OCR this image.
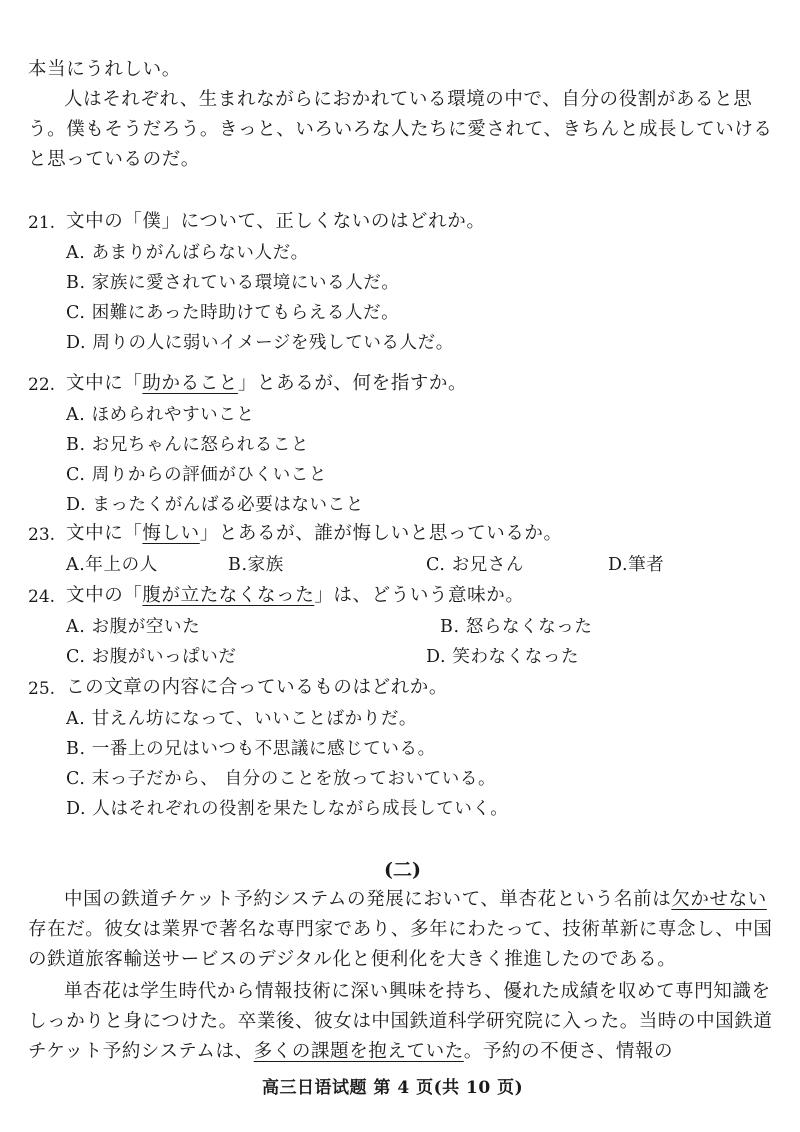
本当にうれしい。
人はそれぞれ、生まれながらにおかれている環境の中で、自分の役割があると思
う。僕もそうだろう。きっと、いろいろな人たちに愛されて、きちんと成長していける
と思っているのだ。
21. 文中の「僕」について、正しくないのはどれか。
A. あまりがんばらない人だ。
B. 家族に愛されている環境にいる人だ。
C. 困難にあった時助けてもらえる人だ。
D. 周りの人に弱いイメージを残している人だ。
22. 文中に「助かること」とあるが、何を指すか。
A. ほめられやすいこと
B. お兄ちゃんに怒られること
C. 周りからの評価がひくいこと
D. まったくがんばる必要はないこと
23. 文中に「悔しい」とあるが、誰が悔しいと思っているか。
A.年上の人	B.家族	C. お兄さん	D.筆者
24. 文中の「腹が立たなくなった」は、どういう意味か。
A. お腹が空いた	B. 怒らなくなった
C. お腹がいっぱいだ	D. 笑わなくなった
25. この文章の内容に合っているものはどれか。
A. 甘えん坊になって、いいことばかりだ。
B. 一番上の兄はいつも不思議に感じている。
C. 末っ子だから、 自分のことを放っておいている。
D. 人はそれぞれの役割を果たしながら成長していく。
(二)
中国の鉄道チケット予約システムの発展において、単杏花という名前は欠かせない
存在だ。彼女は業界で著名な専門家であり、多年にわたって、技術革新に専念し、中国
の鉄道旅客輸送サービスのデジタル化と便利化を大きく推進したのである。
単杏花は学生時代から情報技術に深い興味を持ち、優れた成績を収めて専門知識を
しっかりと身につけた。卒業後、彼女は中国鉄道科学研究院に入った。当時の中国鉄道
チケット予約システムは、多くの課題を抱えていた。予約の不便さ、情報の
高三日语试题 第 4 页(共 10 页)
